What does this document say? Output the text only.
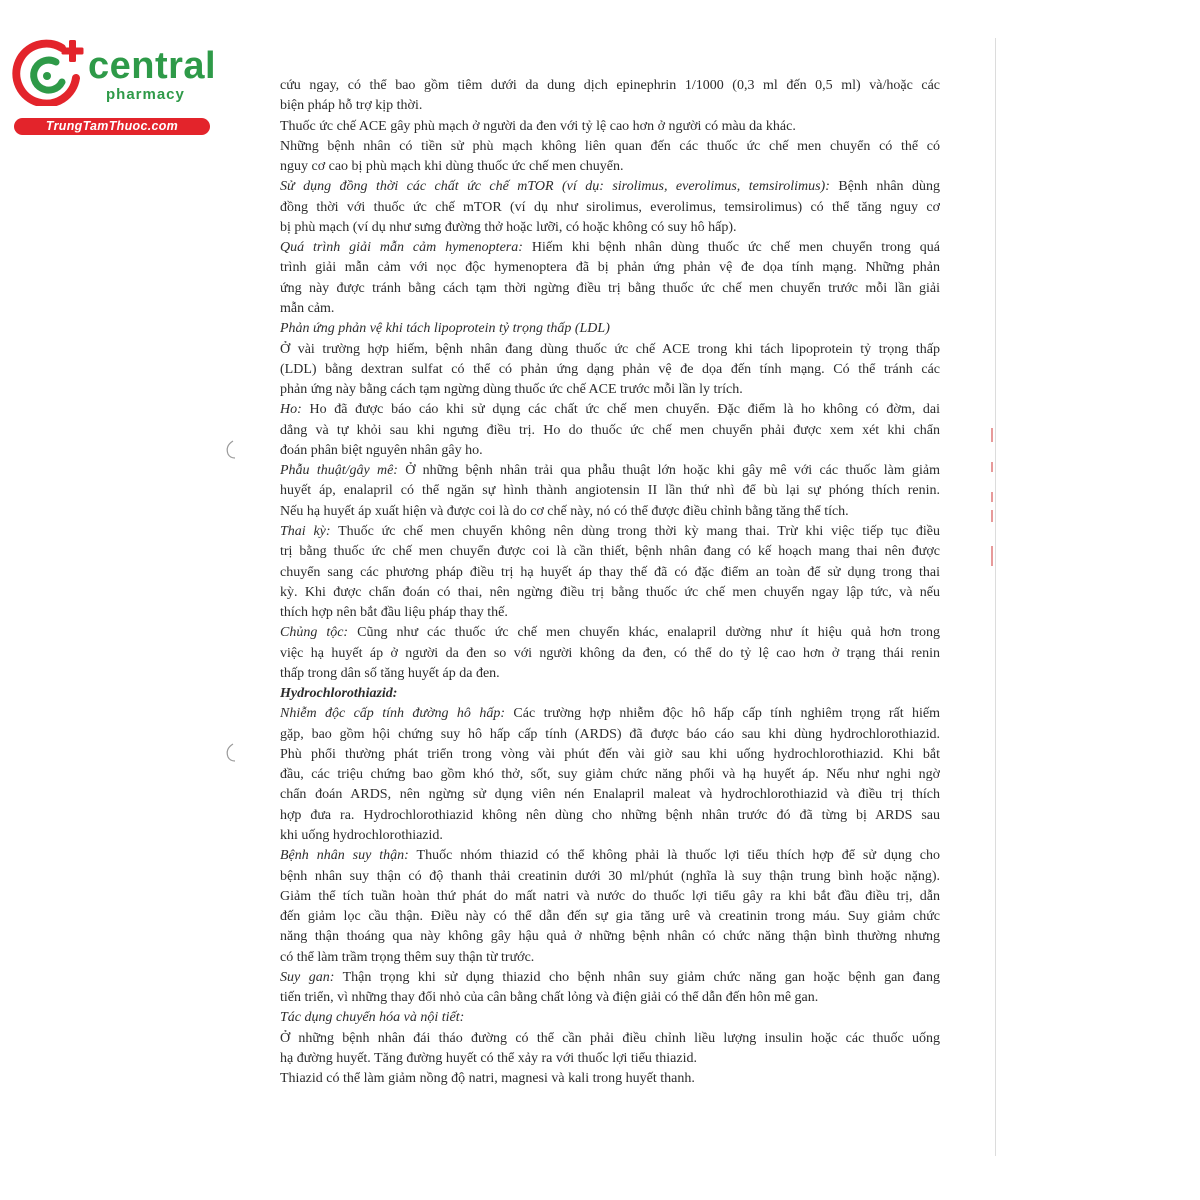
central
pharmacy
TrungTamThuoc.com
cứu ngay, có thể bao gồm tiêm dưới da dung dịch epinephrin 1/1000 (0,3 ml đến 0,5 ml) và/hoặc các
biện pháp hỗ trợ kịp thời.
Thuốc ức chế ACE gây phù mạch ở người da đen với tỷ lệ cao hơn ở người có màu da khác.
Những bệnh nhân có tiền sử phù mạch không liên quan đến các thuốc ức chế men chuyển có thể có
nguy cơ cao bị phù mạch khi dùng thuốc ức chế men chuyển.
Sử dụng đồng thời các chất ức chế mTOR (ví dụ: sirolimus, everolimus, temsirolimus): Bệnh nhân dùng
đồng thời với thuốc ức chế mTOR (ví dụ như sirolimus, everolimus, temsirolimus) có thể tăng nguy cơ
bị phù mạch (ví dụ như sưng đường thở hoặc lưỡi, có hoặc không có suy hô hấp).
Quá trình giải mẫn cảm hymenoptera: Hiếm khi bệnh nhân dùng thuốc ức chế men chuyển trong quá
trình giải mẫn cảm với nọc độc hymenoptera đã bị phản ứng phản vệ đe dọa tính mạng. Những phản
ứng này được tránh bằng cách tạm thời ngừng điều trị bằng thuốc ức chế men chuyển trước mỗi lần giải
mẫn cảm.
Phản ứng phản vệ khi tách lipoprotein tỷ trọng thấp (LDL)
Ở vài trường hợp hiếm, bệnh nhân đang dùng thuốc ức chế ACE trong khi tách lipoprotein tỷ trọng thấp
(LDL) bằng dextran sulfat có thể có phản ứng dạng phản vệ đe dọa đến tính mạng. Có thể tránh các
phản ứng này bằng cách tạm ngừng dùng thuốc ức chế ACE trước mỗi lần ly trích.
Ho: Ho đã được báo cáo khi sử dụng các chất ức chế men chuyển. Đặc điểm là ho không có đờm, dai
dẳng và tự khỏi sau khi ngưng điều trị. Ho do thuốc ức chế men chuyển phải được xem xét khi chẩn
đoán phân biệt nguyên nhân gây ho.
Phẫu thuật/gây mê: Ở những bệnh nhân trải qua phẫu thuật lớn hoặc khi gây mê với các thuốc làm giảm
huyết áp, enalapril có thể ngăn sự hình thành angiotensin II lần thứ nhì để bù lại sự phóng thích renin.
Nếu hạ huyết áp xuất hiện và được coi là do cơ chế này, nó có thể được điều chỉnh bằng tăng thể tích.
Thai kỳ: Thuốc ức chế men chuyển không nên dùng trong thời kỳ mang thai. Trừ khi việc tiếp tục điều
trị bằng thuốc ức chế men chuyển được coi là cần thiết, bệnh nhân đang có kế hoạch mang thai nên được
chuyển sang các phương pháp điều trị hạ huyết áp thay thế đã có đặc điểm an toàn để sử dụng trong thai
kỳ. Khi được chẩn đoán có thai, nên ngừng điều trị bằng thuốc ức chế men chuyển ngay lập tức, và nếu
thích hợp nên bắt đầu liệu pháp thay thế.
Chủng tộc: Cũng như các thuốc ức chế men chuyển khác, enalapril dường như ít hiệu quả hơn trong
việc hạ huyết áp ở người da đen so với người không da đen, có thể do tỷ lệ cao hơn ở trạng thái renin
thấp trong dân số tăng huyết áp da đen.
Hydrochlorothiazid:
Nhiễm độc cấp tính đường hô hấp: Các trường hợp nhiễm độc hô hấp cấp tính nghiêm trọng rất hiếm
gặp, bao gồm hội chứng suy hô hấp cấp tính (ARDS) đã được báo cáo sau khi dùng hydrochlorothiazid.
Phù phổi thường phát triển trong vòng vài phút đến vài giờ sau khi uống hydrochlorothiazid. Khi bắt
đầu, các triệu chứng bao gồm khó thở, sốt, suy giảm chức năng phổi và hạ huyết áp. Nếu như nghi ngờ
chẩn đoán ARDS, nên ngừng sử dụng viên nén Enalapril maleat và hydrochlorothiazid và điều trị thích
hợp đưa ra. Hydrochlorothiazid không nên dùng cho những bệnh nhân trước đó đã từng bị ARDS sau
khi uống hydrochlorothiazid.
Bệnh nhân suy thận: Thuốc nhóm thiazid có thể không phải là thuốc lợi tiểu thích hợp để sử dụng cho
bệnh nhân suy thận có độ thanh thải creatinin dưới 30 ml/phút (nghĩa là suy thận trung bình hoặc nặng).
Giảm thể tích tuần hoàn thứ phát do mất natri và nước do thuốc lợi tiểu gây ra khi bắt đầu điều trị, dẫn
đến giảm lọc cầu thận. Điều này có thể dẫn đến sự gia tăng urê và creatinin trong máu. Suy giảm chức
năng thận thoáng qua này không gây hậu quả ở những bệnh nhân có chức năng thận bình thường nhưng
có thể làm trầm trọng thêm suy thận từ trước.
Suy gan: Thận trọng khi sử dụng thiazid cho bệnh nhân suy giảm chức năng gan hoặc bệnh gan đang
tiến triển, vì những thay đổi nhỏ của cân bằng chất lỏng và điện giải có thể dẫn đến hôn mê gan.
Tác dụng chuyển hóa và nội tiết:
Ở những bệnh nhân đái tháo đường có thể cần phải điều chỉnh liều lượng insulin hoặc các thuốc uống
hạ đường huyết. Tăng đường huyết có thể xảy ra với thuốc lợi tiểu thiazid.
Thiazid có thể làm giảm nồng độ natri, magnesi và kali trong huyết thanh.
